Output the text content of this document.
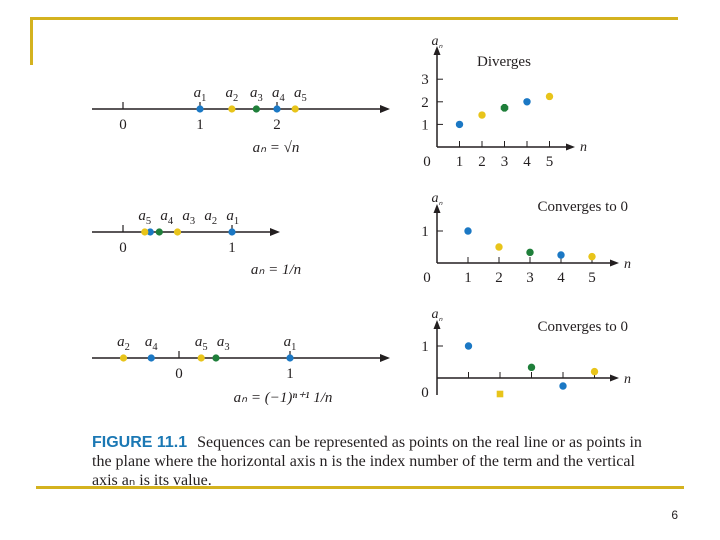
0	1	2
$a_1$ $a_2$ $a_3$ $a_4$ $a_5$
aₙ = √n
0	1
$a_5$ $a_4$ $a_3$ $a_2$ $a_1$
aₙ = 1/n
0	1
$a_2$ $a_4$ $a_5$ $a_3$	$a_1$
aₙ = (−1)ⁿ⁺¹ 1/n
$a_{_n}$
n
Diverges
0 1 2 3 4 5
1
2
3
$a_{_n}$
n
Converges to 0
0 1 2 3 4 5
1
$a_{_n}$
n
Converges to 0
0
1
FIGURE 11.1 Sequences can be represented as points on the real line or as points in the plane where the horizontal axis n is the index number of the term and the vertical axis aₙ is its value.
6
